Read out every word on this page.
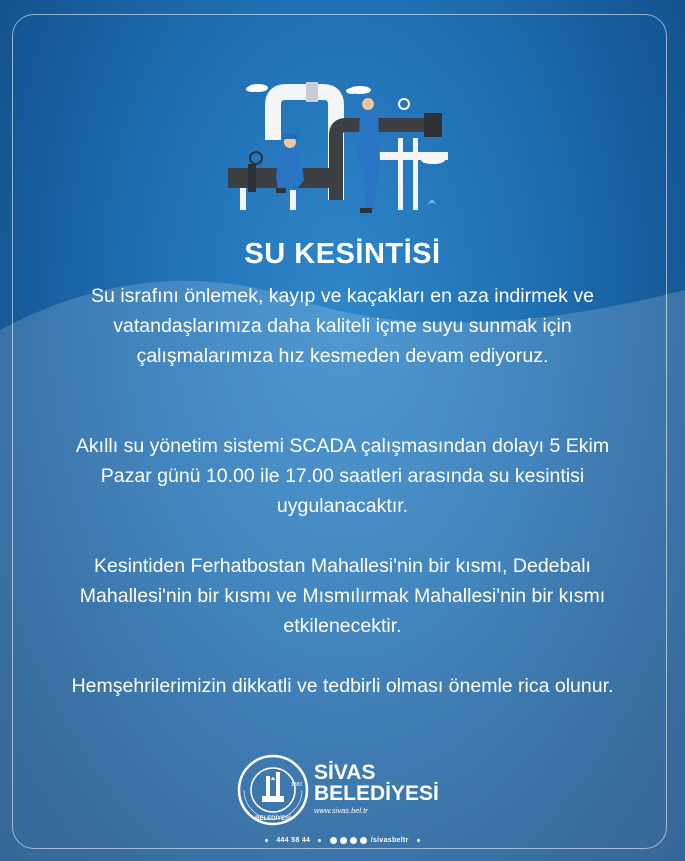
SU KESİNTİSİ

Su israfını önlemek, kayıp ve kaçakları en aza indirmek ve vatandaşlarımıza daha kaliteli içme suyu sunmak için çalışmalarımıza hız kesmeden devam ediyoruz.

Akıllı su yönetim sistemi SCADA çalışmasından dolayı 5 Ekim Pazar günü 10.00 ile 17.00 saatleri arasında su kesintisi uygulanacaktır.

Kesintiden Ferhatbostan Mahallesi'nin bir kısmı, Dedebalı Mahallesi'nin bir kısmı ve Mısmılırmak Mahallesi'nin bir kısmı etkilenecektir.

Hemşehrilerimizin dikkatli ve tedbirli olması önemle rica olunur.

BELEDİYESİ
1880
SİVAS
BELEDİYESİ
www.sivas.bel.tr
444 58 44	/sivasbeltr
